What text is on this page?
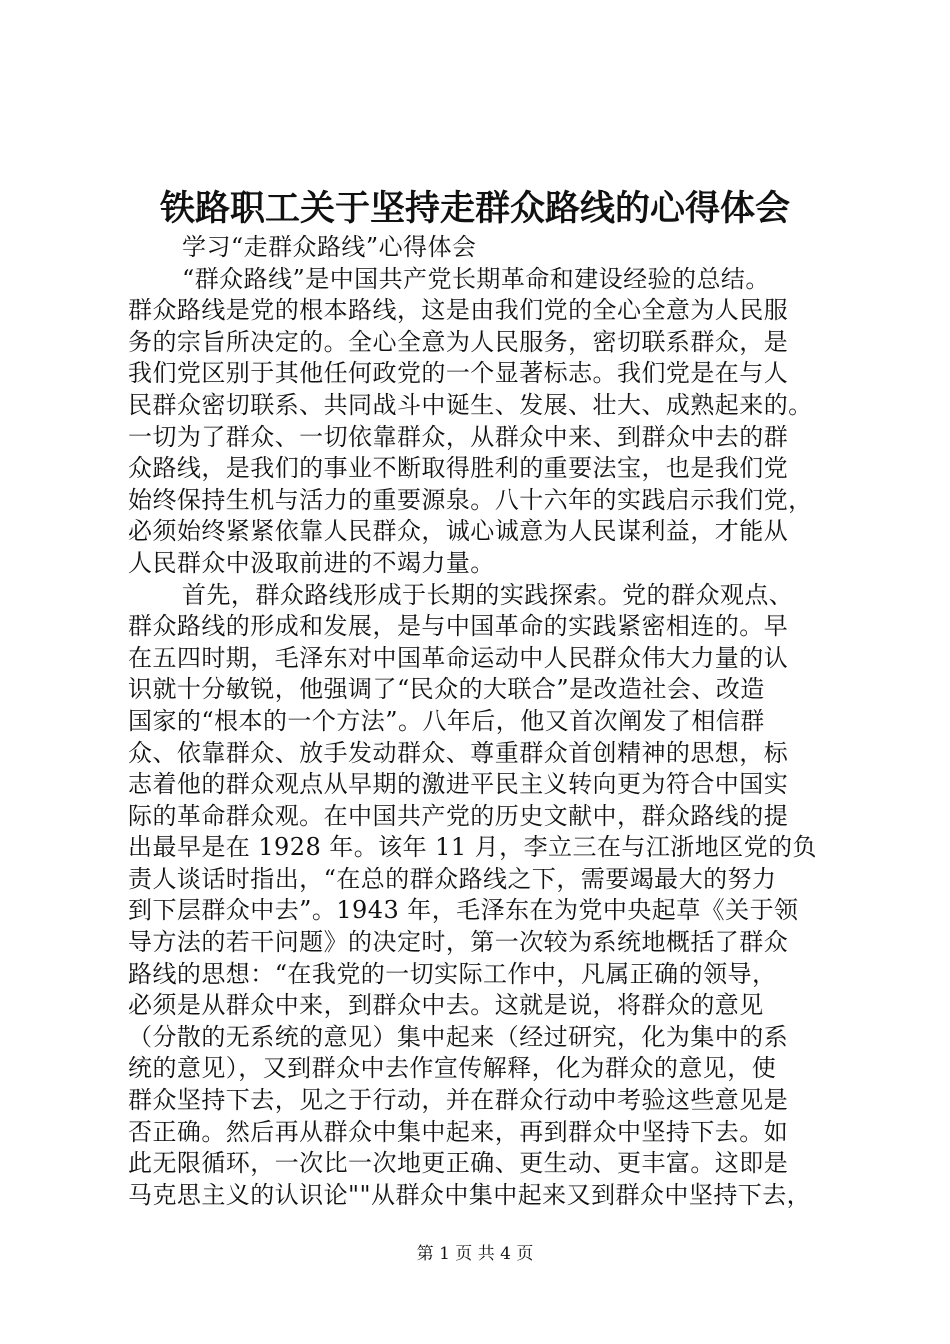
铁路职工关于坚持走群众路线的心得体会
学习“走群众路线”心得体会
“群众路线”是中国共产党长期革命和建设经验的总结。
群众路线是党的根本路线，这是由我们党的全心全意为人民服
务的宗旨所决定的。全心全意为人民服务，密切联系群众，是
我们党区别于其他任何政党的一个显著标志。我们党是在与人
民群众密切联系、共同战斗中诞生、发展、壮大、成熟起来的。
一切为了群众、一切依靠群众，从群众中来、到群众中去的群
众路线，是我们的事业不断取得胜利的重要法宝，也是我们党
始终保持生机与活力的重要源泉。八十六年的实践启示我们党，
必须始终紧紧依靠人民群众，诚心诚意为人民谋利益，才能从
人民群众中汲取前进的不竭力量。
首先，群众路线形成于长期的实践探索。党的群众观点、
群众路线的形成和发展，是与中国革命的实践紧密相连的。早
在五四时期，毛泽东对中国革命运动中人民群众伟大力量的认
识就十分敏锐，他强调了“民众的大联合”是改造社会、改造
国家的“根本的一个方法”。八年后，他又首次阐发了相信群
众、依靠群众、放手发动群众、尊重群众首创精神的思想，标
志着他的群众观点从早期的激进平民主义转向更为符合中国实
际的革命群众观。在中国共产党的历史文献中，群众路线的提
出最早是在 1928 年。该年 11 月，李立三在与江浙地区党的负
责人谈话时指出，“在总的群众路线之下，需要竭最大的努力
到下层群众中去”。1943 年，毛泽东在为党中央起草《关于领
导方法的若干问题》的决定时，第一次较为系统地概括了群众
路线的思想：“在我党的一切实际工作中，凡属正确的领导，
必须是从群众中来，到群众中去。这就是说，将群众的意见
（分散的无系统的意见）集中起来（经过研究，化为集中的系
统的意见），又到群众中去作宣传解释，化为群众的意见，使
群众坚持下去，见之于行动，并在群众行动中考验这些意见是
否正确。然后再从群众中集中起来，再到群众中坚持下去。如
此无限循环，一次比一次地更正确、更生动、更丰富。这即是
马克思主义的认识论""从群众中集中起来又到群众中坚持下去，
第 1 页 共 4 页
